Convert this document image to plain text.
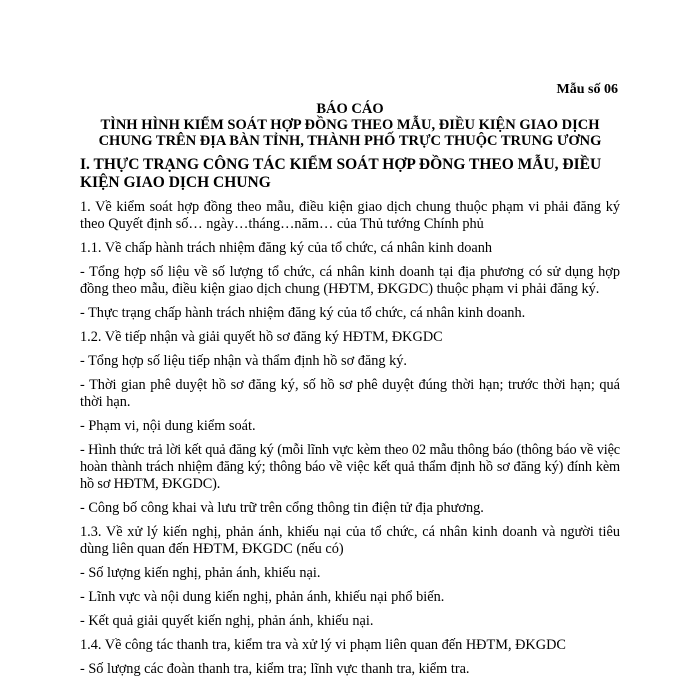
Mẫu số 06
BÁO CÁO
TÌNH HÌNH KIỂM SOÁT HỢP ĐỒNG THEO MẪU, ĐIỀU KIỆN GIAO DỊCH
CHUNG TRÊN ĐỊA BÀN TỈNH, THÀNH PHỐ TRỰC THUỘC TRUNG ƯƠNG
I. THỰC TRẠNG CÔNG TÁC KIỂM SOÁT HỢP ĐỒNG THEO MẪU, ĐIỀU KIỆN GIAO DỊCH CHUNG

1. Về kiểm soát hợp đồng theo mẫu, điều kiện giao dịch chung thuộc phạm vi phải đăng ký theo Quyết định số… ngày…tháng…năm… của Thủ tướng Chính phủ

1.1. Về chấp hành trách nhiệm đăng ký của tổ chức, cá nhân kinh doanh

- Tổng hợp số liệu về số lượng tổ chức, cá nhân kinh doanh tại địa phương có sử dụng hợp đồng theo mẫu, điều kiện giao dịch chung (HĐTM, ĐKGDC) thuộc phạm vi phải đăng ký.

- Thực trạng chấp hành trách nhiệm đăng ký của tổ chức, cá nhân kinh doanh.

1.2. Về tiếp nhận và giải quyết hồ sơ đăng ký HĐTM, ĐKGDC

- Tổng hợp số liệu tiếp nhận và thẩm định hồ sơ đăng ký.

- Thời gian phê duyệt hồ sơ đăng ký, số hồ sơ phê duyệt đúng thời hạn; trước thời hạn; quá thời hạn.

- Phạm vi, nội dung kiểm soát.

- Hình thức trả lời kết quả đăng ký (mỗi lĩnh vực kèm theo 02 mẫu thông báo (thông báo về việc hoàn thành trách nhiệm đăng ký; thông báo về việc kết quả thẩm định hồ sơ đăng ký) đính kèm hồ sơ HĐTM, ĐKGDC).

- Công bố công khai và lưu trữ trên cổng thông tin điện tử địa phương.

1.3. Về xử lý kiến nghị, phản ánh, khiếu nại của tổ chức, cá nhân kinh doanh và người tiêu dùng liên quan đến HĐTM, ĐKGDC (nếu có)

- Số lượng kiến nghị, phản ánh, khiếu nại.

- Lĩnh vực và nội dung kiến nghị, phản ánh, khiếu nại phổ biến.

- Kết quả giải quyết kiến nghị, phản ánh, khiếu nại.

1.4. Về công tác thanh tra, kiểm tra và xử lý vi phạm liên quan đến HĐTM, ĐKGDC

- Số lượng các đoàn thanh tra, kiểm tra; lĩnh vực thanh tra, kiểm tra.
